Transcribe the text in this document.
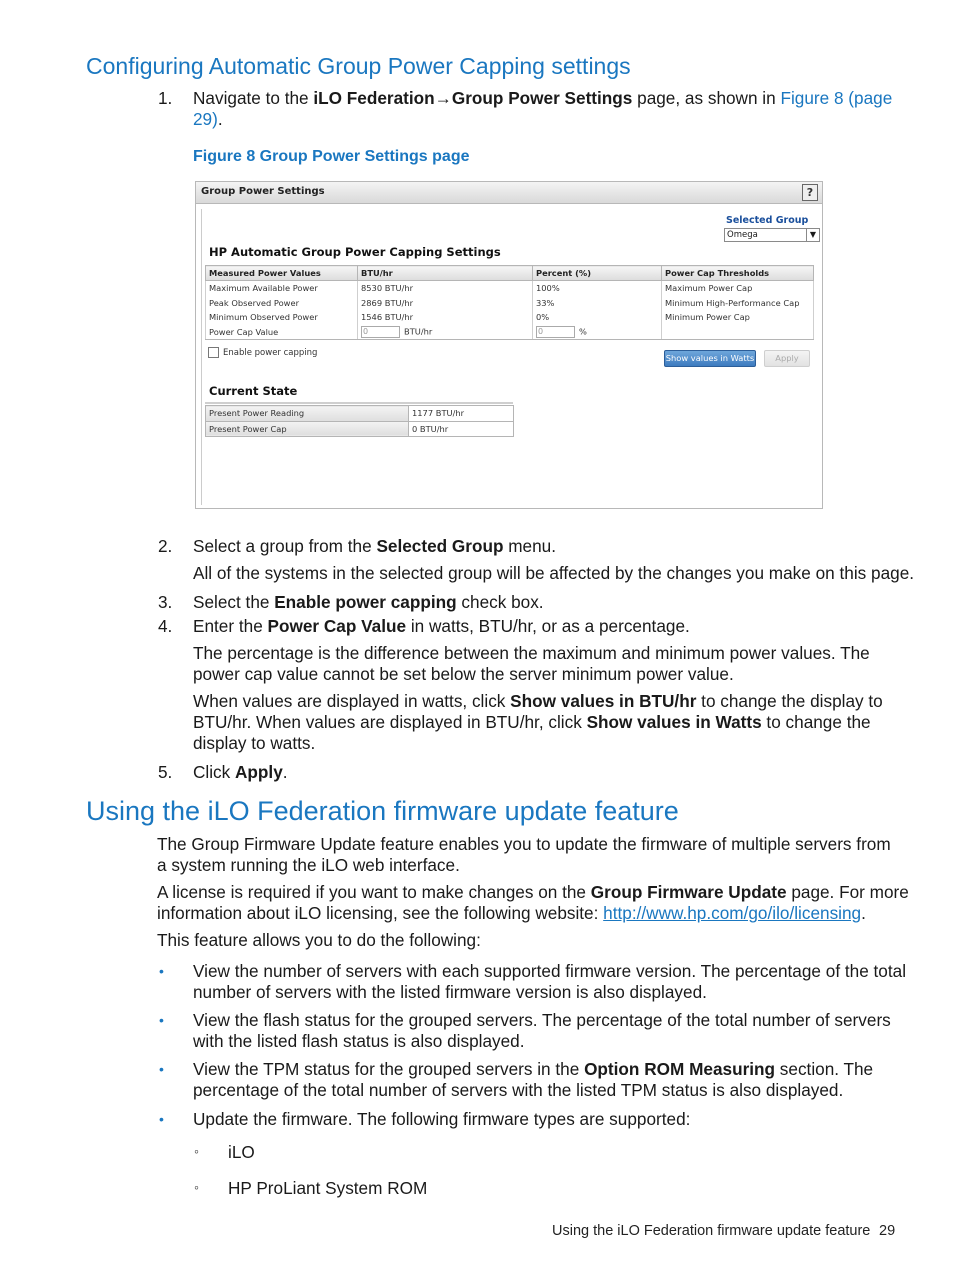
Configuring Automatic Group Power Capping settings
1. Navigate to the iLO Federation→Group Power Settings page, as shown in Figure 8 (page

29).

Figure 8 Group Power Settings page
Group Power Settings	?
Selected Group
Omega	▼
HP Automatic Group Power Capping Settings
Measured Power Values	BTU/hr	Percent (%)	Power Cap Thresholds
Maximum Available Power	8530 BTU/hr	100%	Maximum Power Cap
Peak Observed Power	2869 BTU/hr	33%	Minimum High-Performance Cap
Minimum Observed Power	1546 BTU/hr	0%	Minimum Power Cap
Power Cap Value	0 BTU/hr	0 %	
Enable power capping	Show values in Watts	Apply
Current State
Present Power Reading	1177 BTU/hr
Present Power Cap	0 BTU/hr
2. Select a group from the Selected Group menu.

All of the systems in the selected group will be affected by the changes you make on this page.

3. Select the Enable power capping check box.

4. Enter the Power Cap Value in watts, BTU/hr, or as a percentage.

The percentage is the difference between the maximum and minimum power values. The

power cap value cannot be set below the server minimum power value.

When values are displayed in watts, click Show values in BTU/hr to change the display to

BTU/hr. When values are displayed in BTU/hr, click Show values in Watts to change the

display to watts.

5. Click Apply.

Using the iLO Federation firmware update feature

The Group Firmware Update feature enables you to update the firmware of multiple servers from

a system running the iLO web interface.

A license is required if you want to make changes on the Group Firmware Update page. For more

information about iLO licensing, see the following website: http://www.hp.com/go/ilo/licensing.

This feature allows you to do the following:

• View the number of servers with each supported firmware version. The percentage of the total

number of servers with the listed firmware version is also displayed.

• View the flash status for the grouped servers. The percentage of the total number of servers

with the listed flash status is also displayed.

• View the TPM status for the grouped servers in the Option ROM Measuring section. The

percentage of the total number of servers with the listed TPM status is also displayed.

• Update the firmware. The following firmware types are supported:

◦ iLO

◦ HP ProLiant System ROM

Using the iLO Federation firmware update feature 29
